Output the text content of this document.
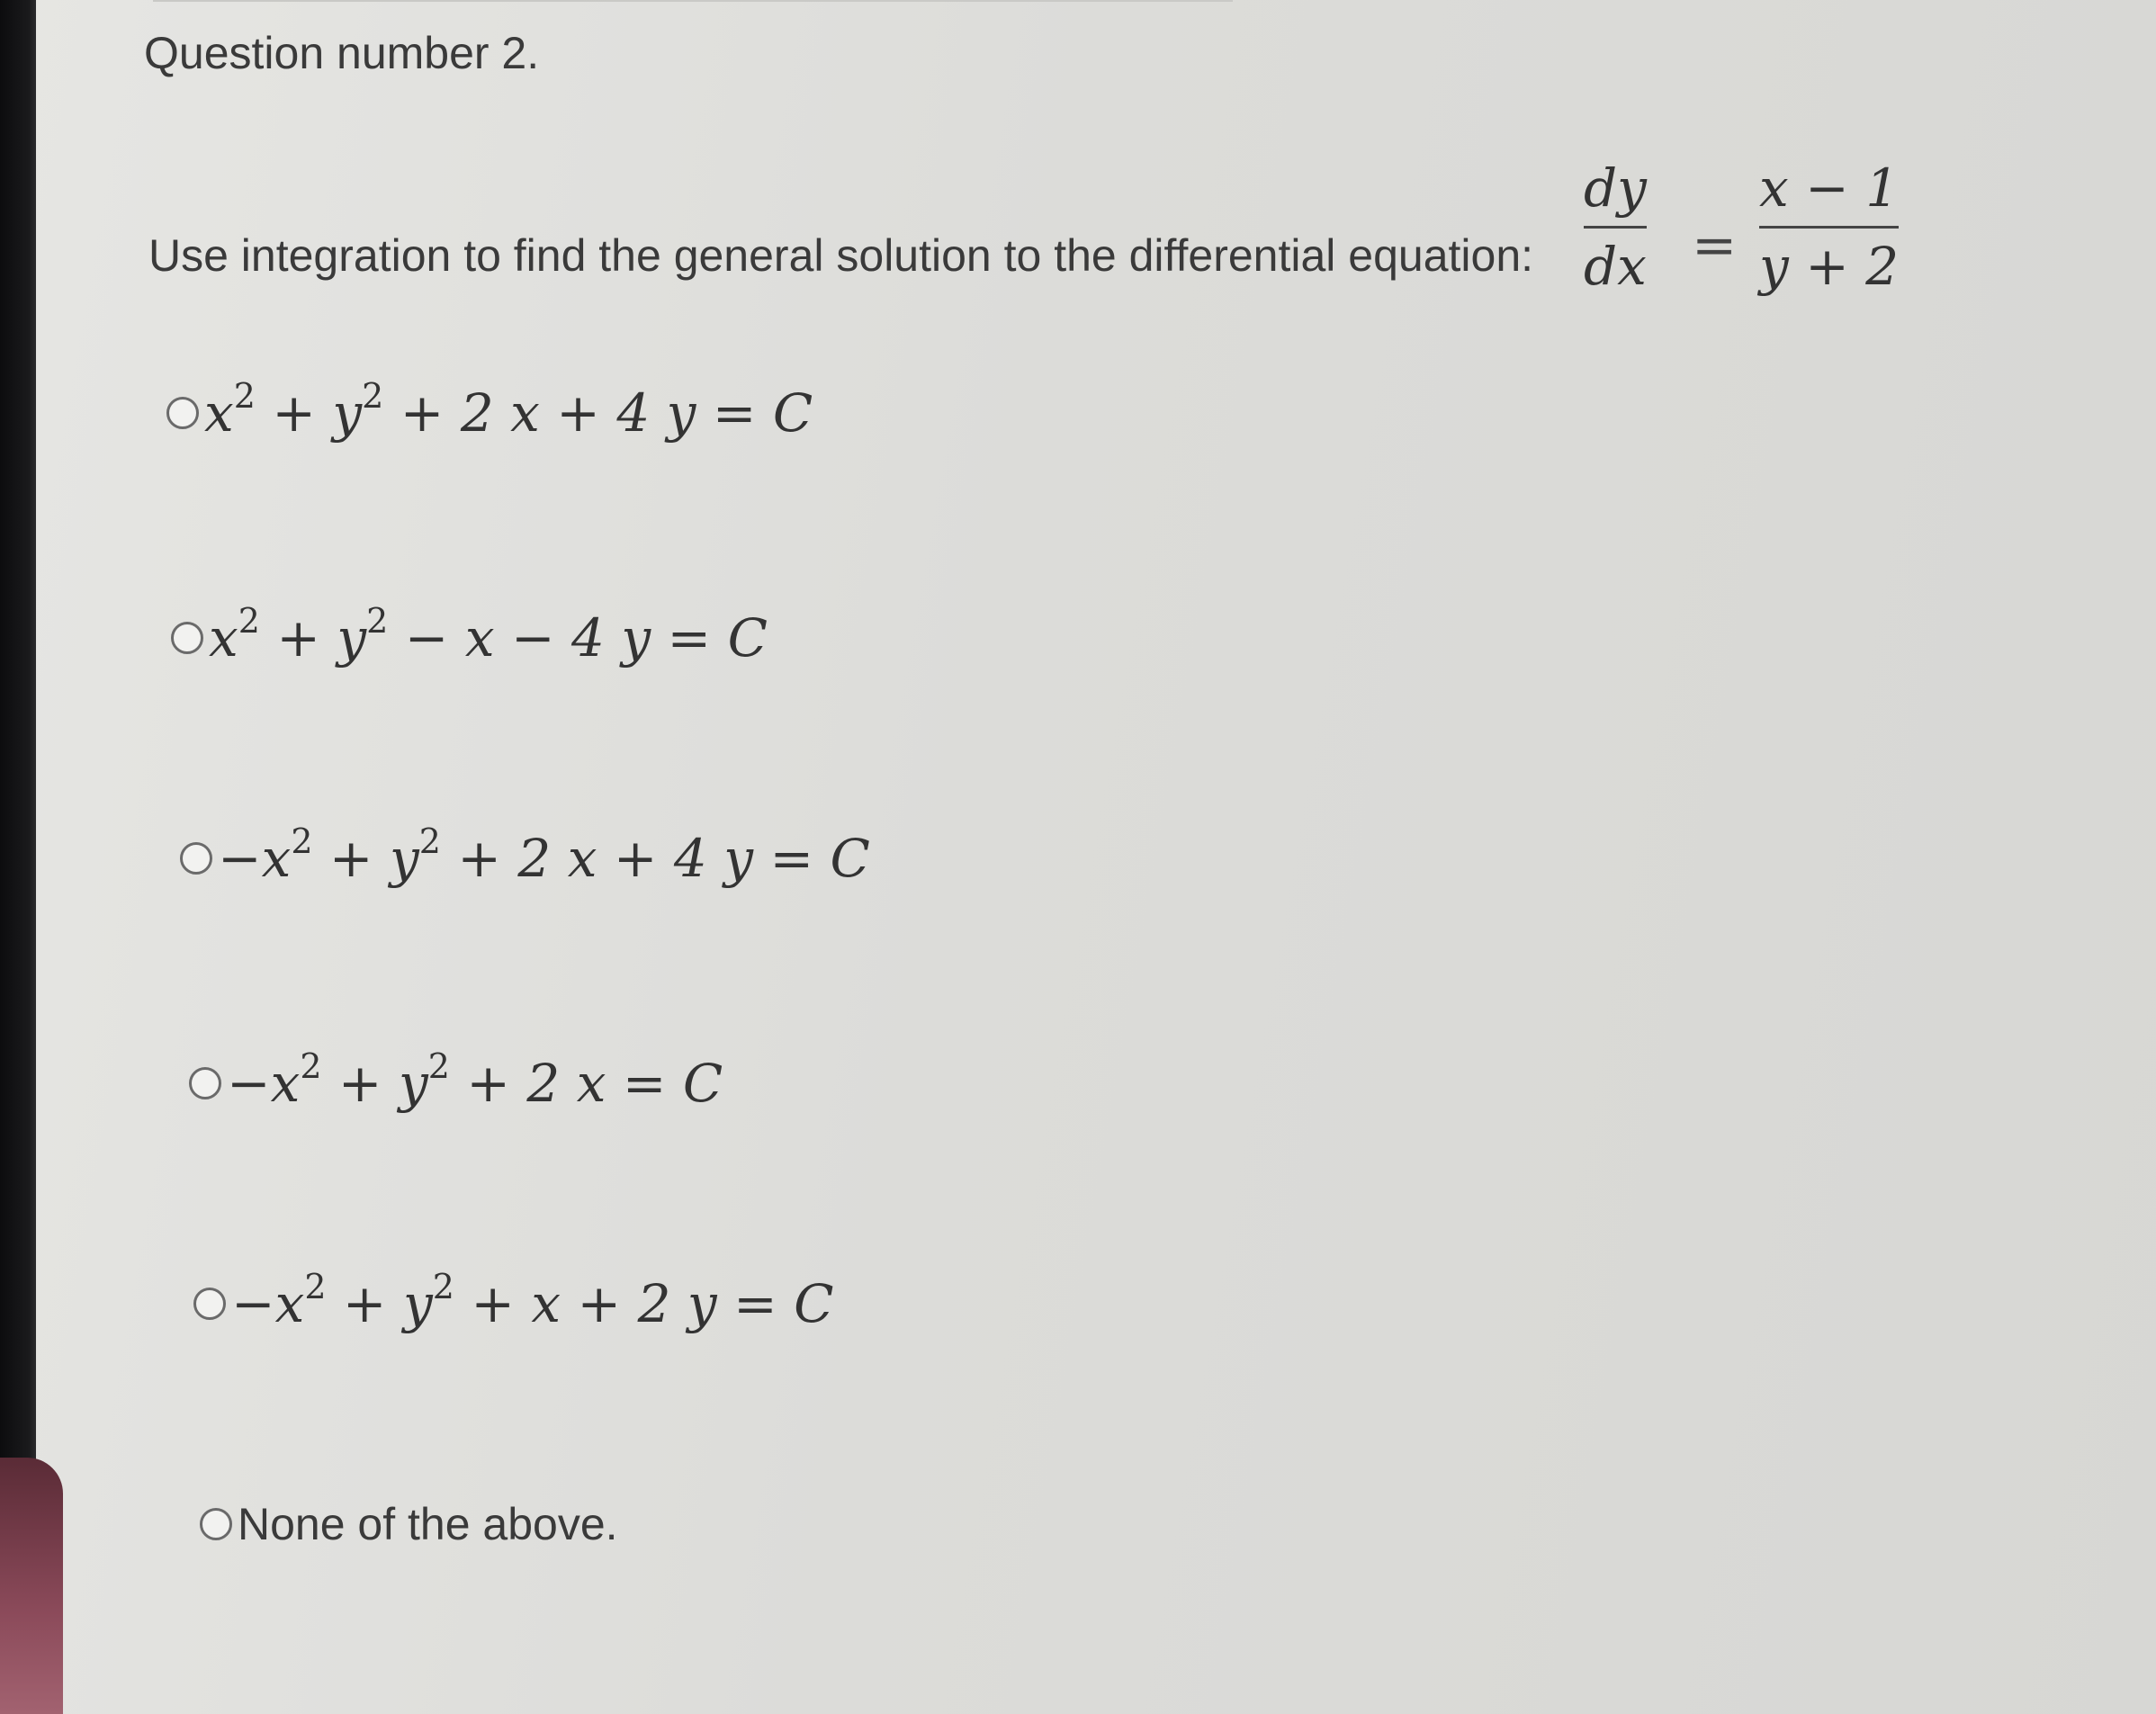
Question number 2.
Use integration to find the general solution to the differential equation:
dy
dx =
x − 1
y + 2
$x^2 + y^2 + 2$ x + 4 y = C
$x^2 + y^2 - x - 4$ y = C
$-x^2 + y^2 + 2$ x + 4 y = C
$-x^2 + y^2 + 2$ x = C
$-x^2 + y^2 + x + 2$ y = C
None of the above.
